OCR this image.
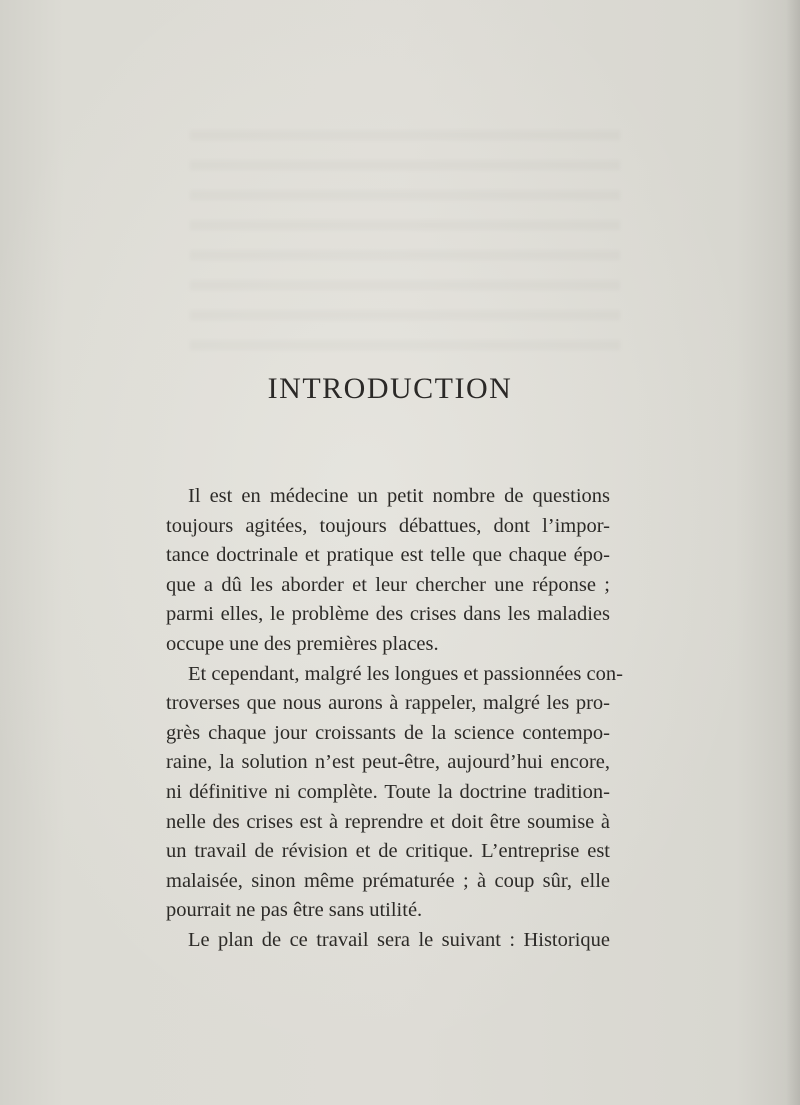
INTRODUCTION
Il est en médecine un petit nombre de questions
toujours agitées, toujours débattues, dont l’impor-
tance doctrinale et pratique est telle que chaque épo-
que a dû les aborder et leur chercher une réponse ;
parmi elles, le problème des crises dans les maladies
occupe une des premières places.
Et cependant, malgré les longues et passionnées con-
troverses que nous aurons à rappeler, malgré les pro-
grès chaque jour croissants de la science contempo-
raine, la solution n’est peut-être, aujourd’hui encore,
ni définitive ni complète. Toute la doctrine tradition-
nelle des crises est à reprendre et doit être soumise à
un travail de révision et de critique. L’entreprise est
malaisée, sinon même prématurée ; à coup sûr, elle
pourrait ne pas être sans utilité.
Le plan de ce travail sera le suivant : Historique
